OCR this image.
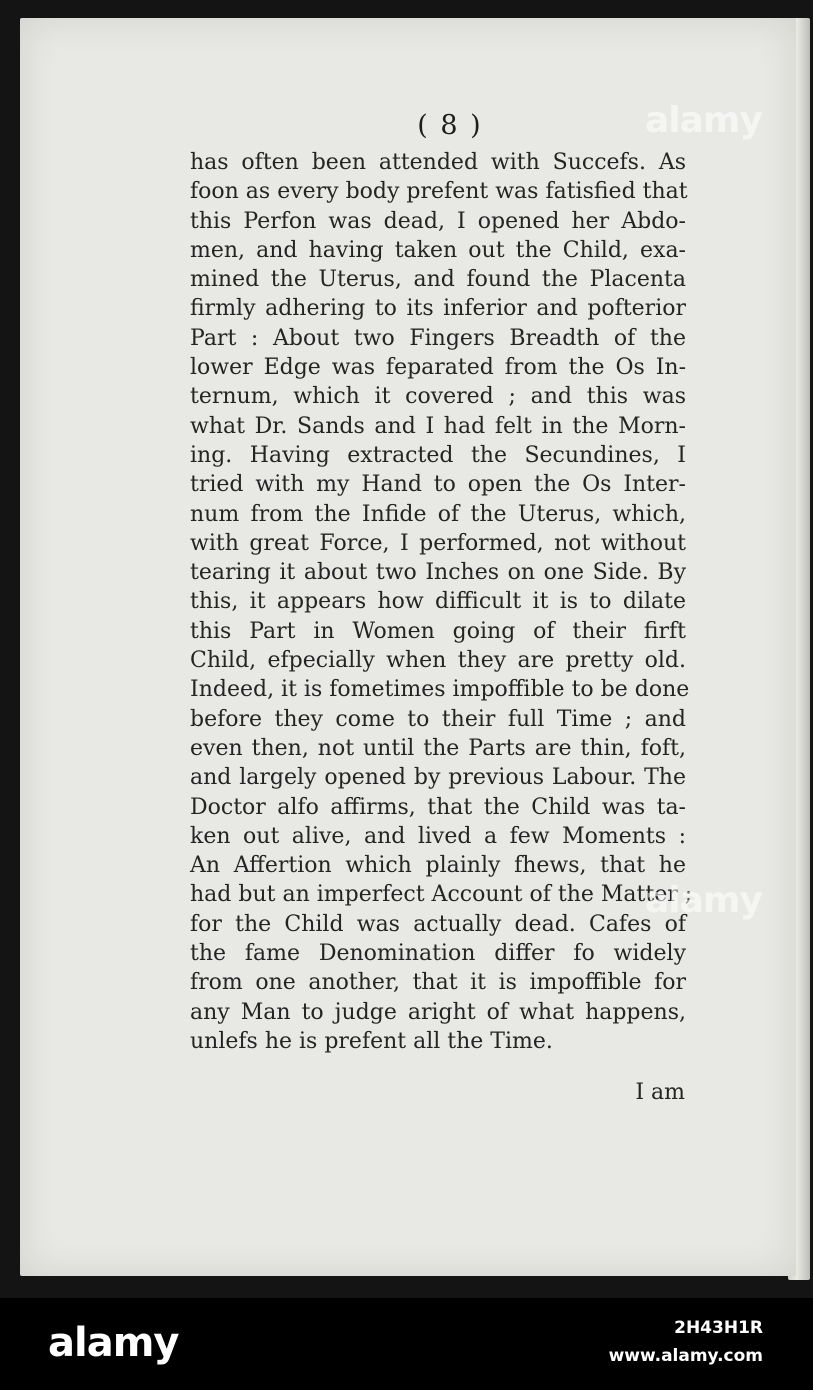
( 8 )
has often been attended with Succefs. As
foon as every body prefent was fatisfied that
this Perfon was dead, I opened her Abdo-
men, and having taken out the Child, exa-
mined the Uterus, and found the Placenta
firmly adhering to its inferior and pofterior
Part : About two Fingers Breadth of the
lower Edge was feparated from the Os In-
ternum, which it covered ; and this was
what Dr. Sands and I had felt in the Morn-
ing. Having extracted the Secundines, I
tried with my Hand to open the Os Inter-
num from the Infide of the Uterus, which,
with great Force, I performed, not without
tearing it about two Inches on one Side. By
this, it appears how difficult it is to dilate
this Part in Women going of their firft
Child, efpecially when they are pretty old.
Indeed, it is fometimes impoffible to be done
before they come to their full Time ; and
even then, not until the Parts are thin, foft,
and largely opened by previous Labour. The
Doctor alfo affirms, that the Child was ta-
ken out alive, and lived a few Moments :
An Affertion which plainly fhews, that he
had but an imperfect Account of the Matter ;
for the Child was actually dead. Cafes of
the fame Denomination differ fo widely
from one another, that it is impoffible for
any Man to judge aright of what happens,
unlefs he is prefent all the Time.
I am
alamy
alamy
alamy	2H43H1R
www.alamy.com
